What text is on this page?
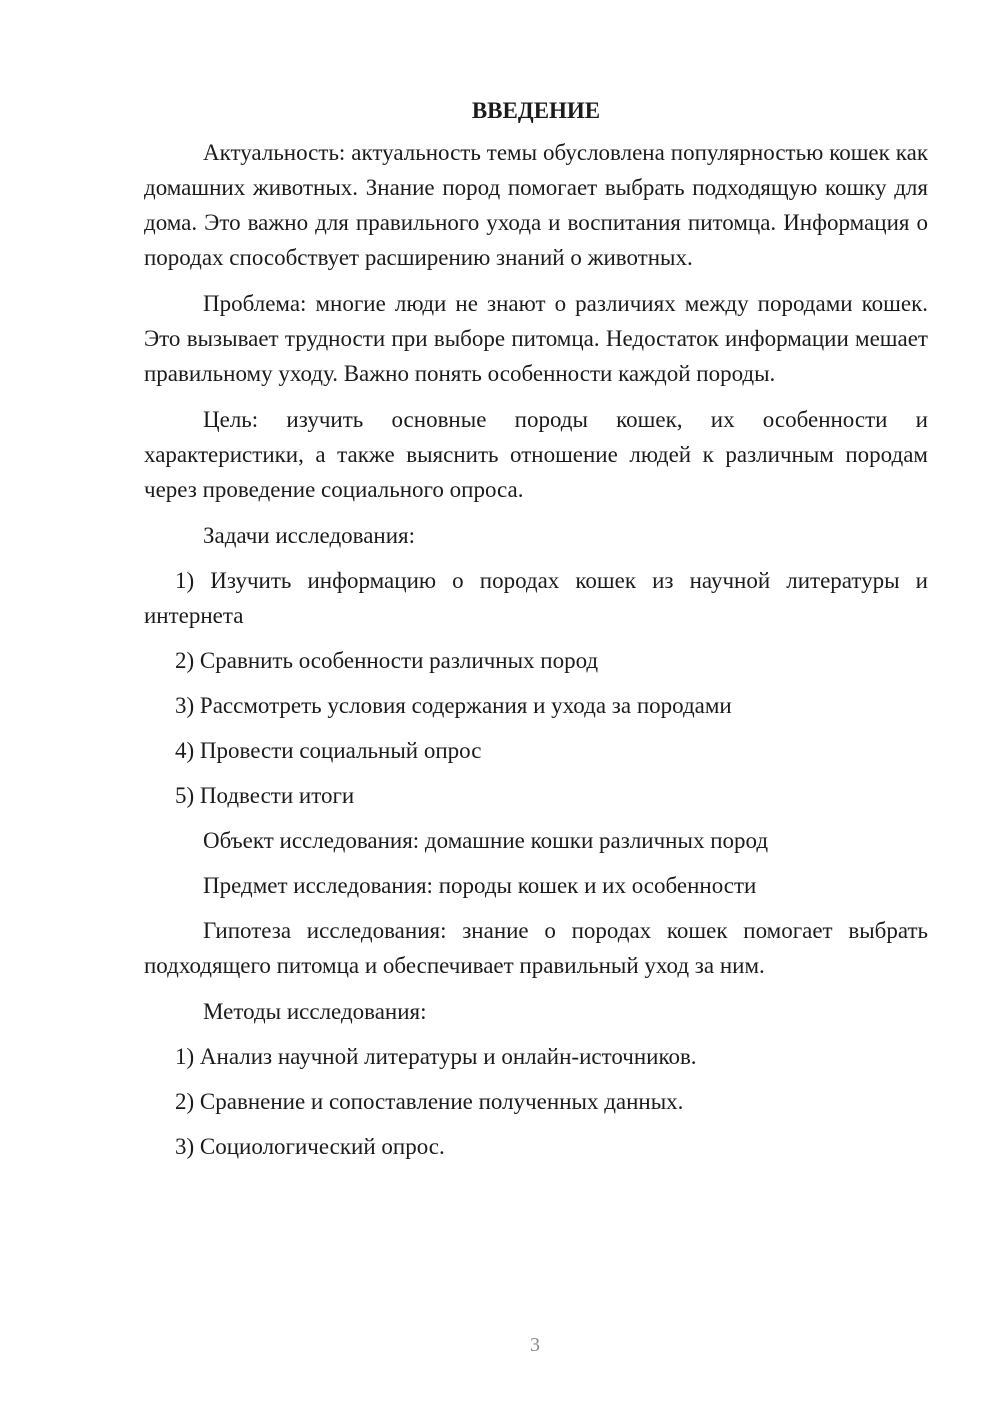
ВВЕДЕНИЕ

Актуальность: актуальность темы обусловлена популярностью кошек как домашних животных. Знание пород помогает выбрать подходящую кошку для дома. Это важно для правильного ухода и воспитания питомца. Информация о породах способствует расширению знаний о животных.

Проблема: многие люди не знают о различиях между породами кошек. Это вызывает трудности при выборе питомца. Недостаток информации мешает правильному уходу. Важно понять особенности каждой породы.

Цель: изучить основные породы кошек, их особенности и характеристики, а также выяснить отношение людей к различным породам через проведение социального опроса.

Задачи исследования:
1) Изучить информацию о породах кошек из научной литературы и интернета
2) Сравнить особенности различных пород
3) Рассмотреть условия содержания и ухода за породами
4) Провести социальный опрос
5) Подвести итоги
Объект исследования: домашние кошки различных пород
Предмет исследования: породы кошек и их особенности

Гипотеза исследования: знание о породах кошек помогает выбрать подходящего питомца и обеспечивает правильный уход за ним.

Методы исследования:
1) Анализ научной литературы и онлайн-источников.
2) Сравнение и сопоставление полученных данных.
3) Социологический опрос.
3
